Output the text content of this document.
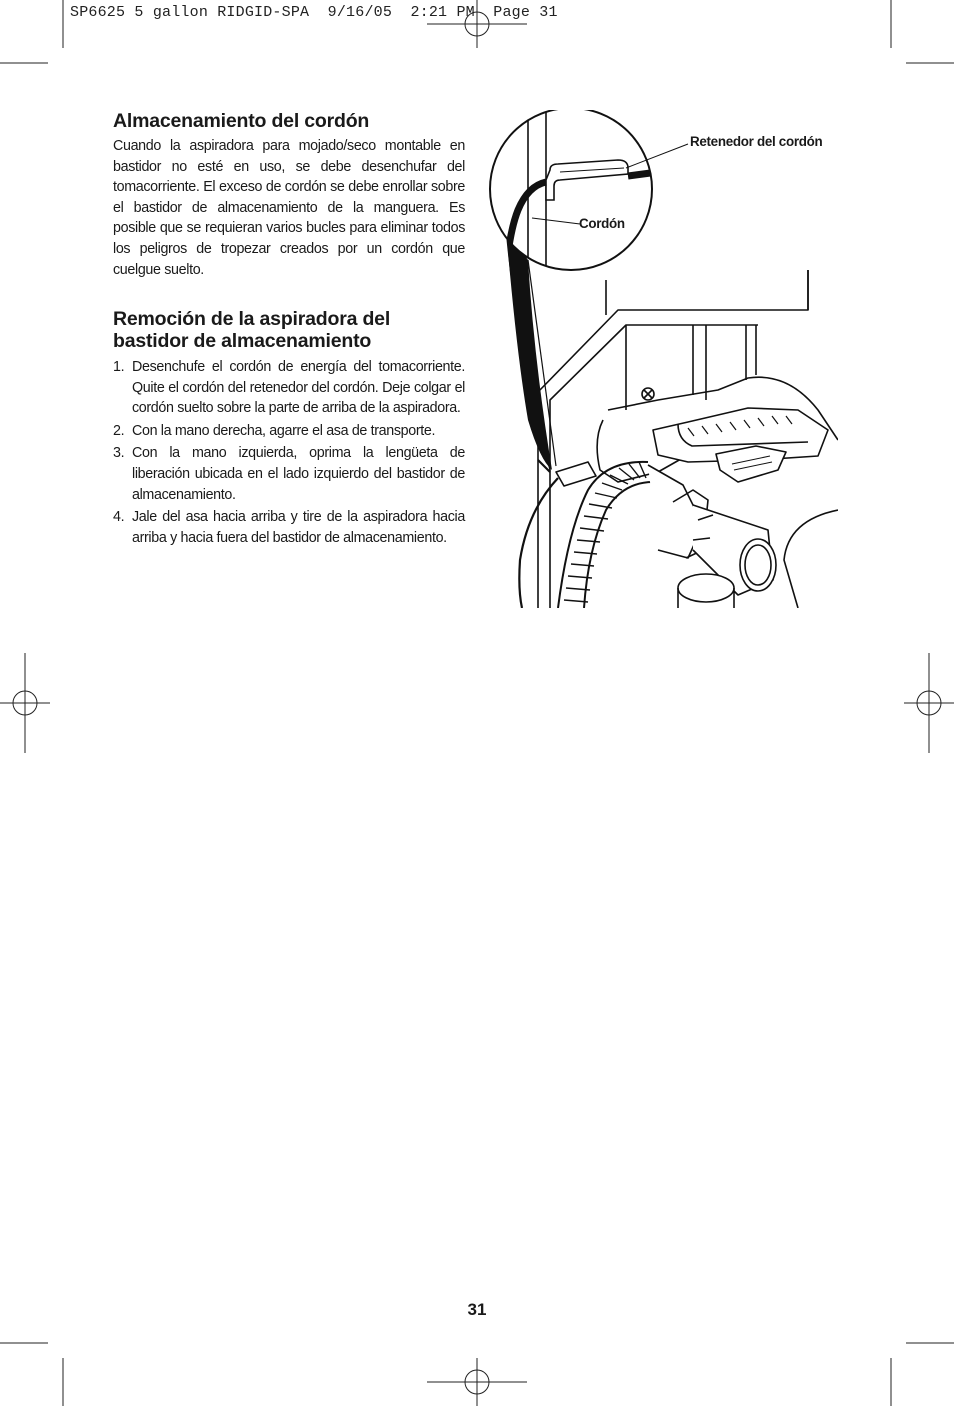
SP6625 5 gallon RIDGID-SPA  9/16/05  2:21 PM  Page 31
Almacenamiento del cordón

Cuando la aspiradora para mojado/seco montable en bastidor no esté en uso, se debe desenchufar del tomacorriente. El exceso de cordón se debe enrollar sobre el bastidor de almacenamiento de la manguera. Es posible que se requieran varios bucles para eliminar todos los peligros de tropezar creados por un cordón que cuelgue suelto.

Remoción de la aspiradora del
bastidor de almacenamiento
1. Desenchufe el cordón de energía del tomacorriente. Quite el cordón del retenedor del cordón. Deje colgar el cordón suelto sobre la parte de arriba de la aspiradora.
2. Con la mano derecha, agarre el asa de transporte.
3. Con la mano izquierda, oprima la lengüeta de liberación ubicada en el lado izquierdo del bastidor de almacenamiento.
4. Jale del asa hacia arriba y tire de la aspiradora hacia arriba y hacia fuera del bastidor de almacenamiento.
Retenedor del cordón
Cordón
31
